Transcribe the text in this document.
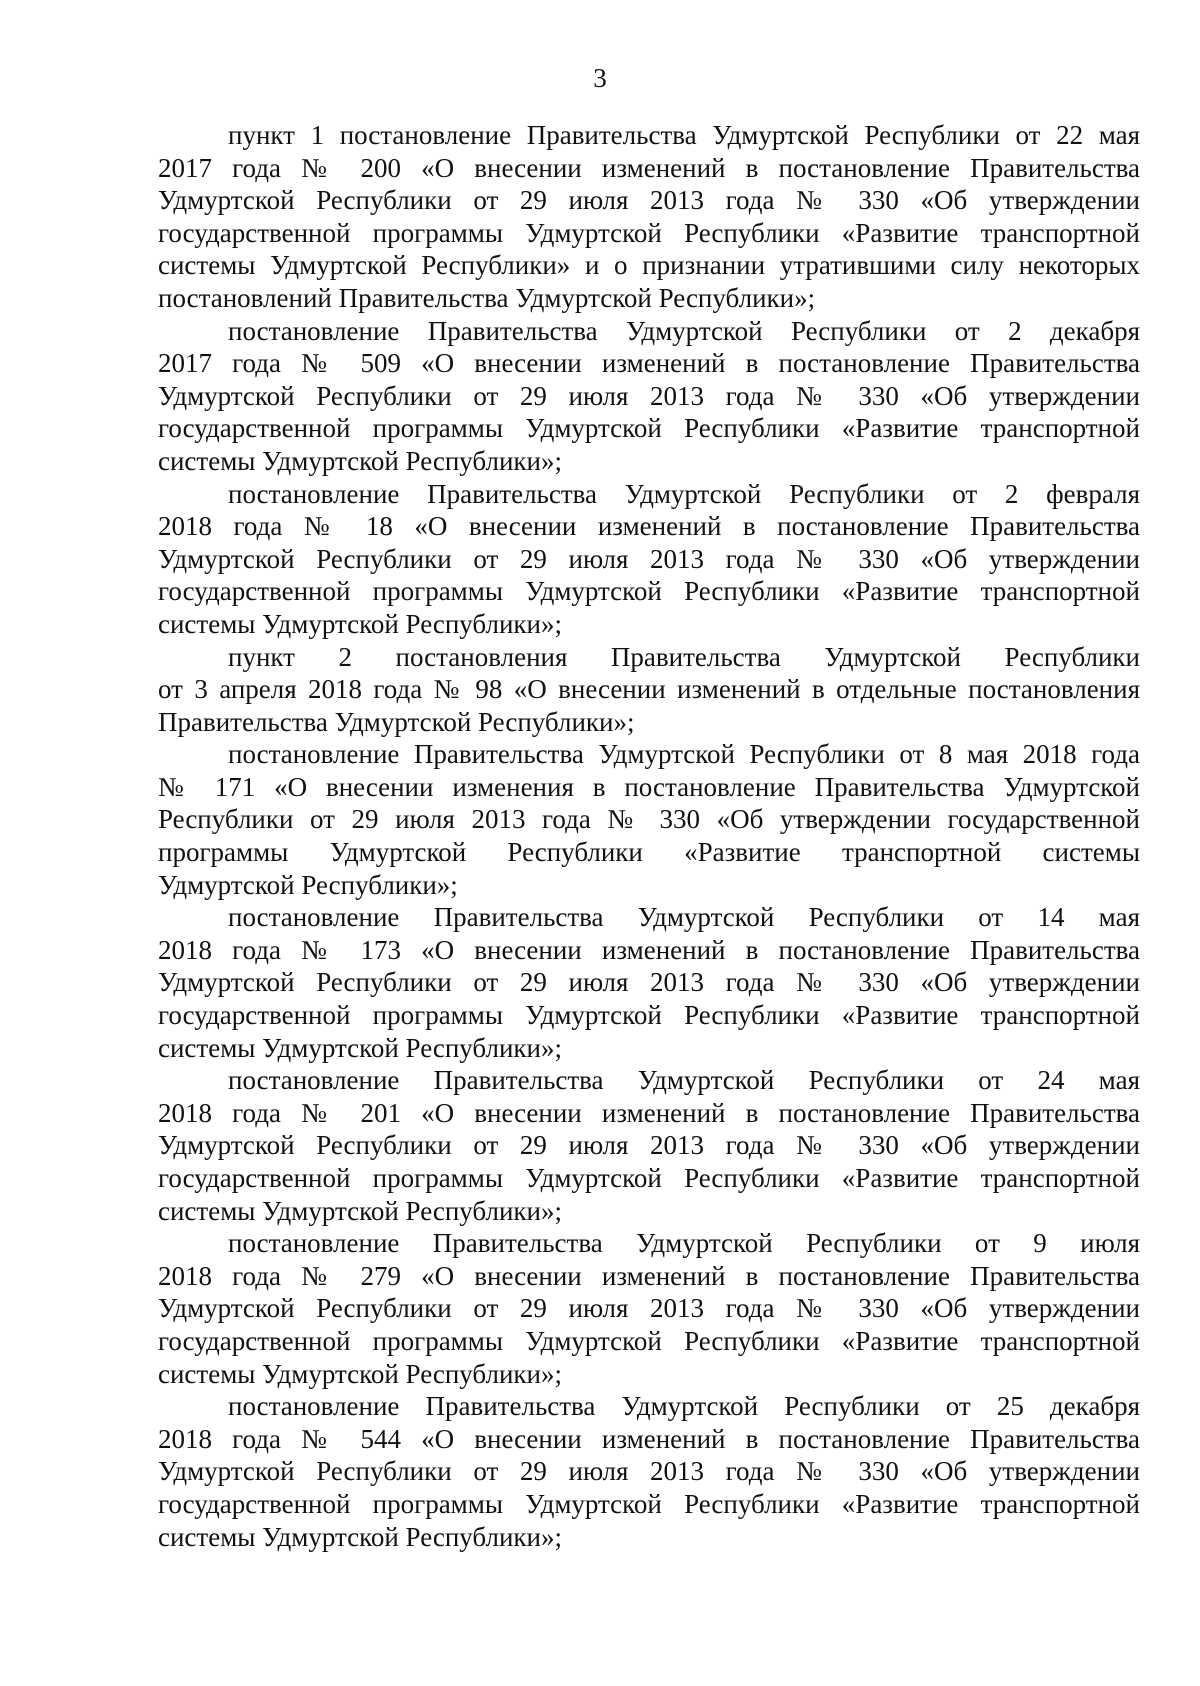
3
пункт 1 постановление Правительства Удмуртской Республики от 22 мая
2017 года № 200 «О внесении изменений в постановление Правительства
Удмуртской Республики от 29 июля 2013 года № 330 «Об утверждении
государственной программы Удмуртской Республики «Развитие транспортной
системы Удмуртской Республики» и о признании утратившими силу некоторых
постановлений Правительства Удмуртской Республики»;
постановление Правительства Удмуртской Республики от 2 декабря
2017 года № 509 «О внесении изменений в постановление Правительства
Удмуртской Республики от 29 июля 2013 года № 330 «Об утверждении
государственной программы Удмуртской Республики «Развитие транспортной
системы Удмуртской Республики»;
постановление Правительства Удмуртской Республики от 2 февраля
2018 года № 18 «О внесении изменений в постановление Правительства
Удмуртской Республики от 29 июля 2013 года № 330 «Об утверждении
государственной программы Удмуртской Республики «Развитие транспортной
системы Удмуртской Республики»;
пункт 2 постановления Правительства Удмуртской Республики
от 3 апреля 2018 года № 98 «О внесении изменений в отдельные постановления
Правительства Удмуртской Республики»;
постановление Правительства Удмуртской Республики от 8 мая 2018 года
№ 171 «О внесении изменения в постановление Правительства Удмуртской
Республики от 29 июля 2013 года № 330 «Об утверждении государственной
программы Удмуртской Республики «Развитие транспортной системы
Удмуртской Республики»;
постановление Правительства Удмуртской Республики от 14 мая
2018 года № 173 «О внесении изменений в постановление Правительства
Удмуртской Республики от 29 июля 2013 года № 330 «Об утверждении
государственной программы Удмуртской Республики «Развитие транспортной
системы Удмуртской Республики»;
постановление Правительства Удмуртской Республики от 24 мая
2018 года № 201 «О внесении изменений в постановление Правительства
Удмуртской Республики от 29 июля 2013 года № 330 «Об утверждении
государственной программы Удмуртской Республики «Развитие транспортной
системы Удмуртской Республики»;
постановление Правительства Удмуртской Республики от 9 июля
2018 года № 279 «О внесении изменений в постановление Правительства
Удмуртской Республики от 29 июля 2013 года № 330 «Об утверждении
государственной программы Удмуртской Республики «Развитие транспортной
системы Удмуртской Республики»;
постановление Правительства Удмуртской Республики от 25 декабря
2018 года № 544 «О внесении изменений в постановление Правительства
Удмуртской Республики от 29 июля 2013 года № 330 «Об утверждении
государственной программы Удмуртской Республики «Развитие транспортной
системы Удмуртской Республики»;
